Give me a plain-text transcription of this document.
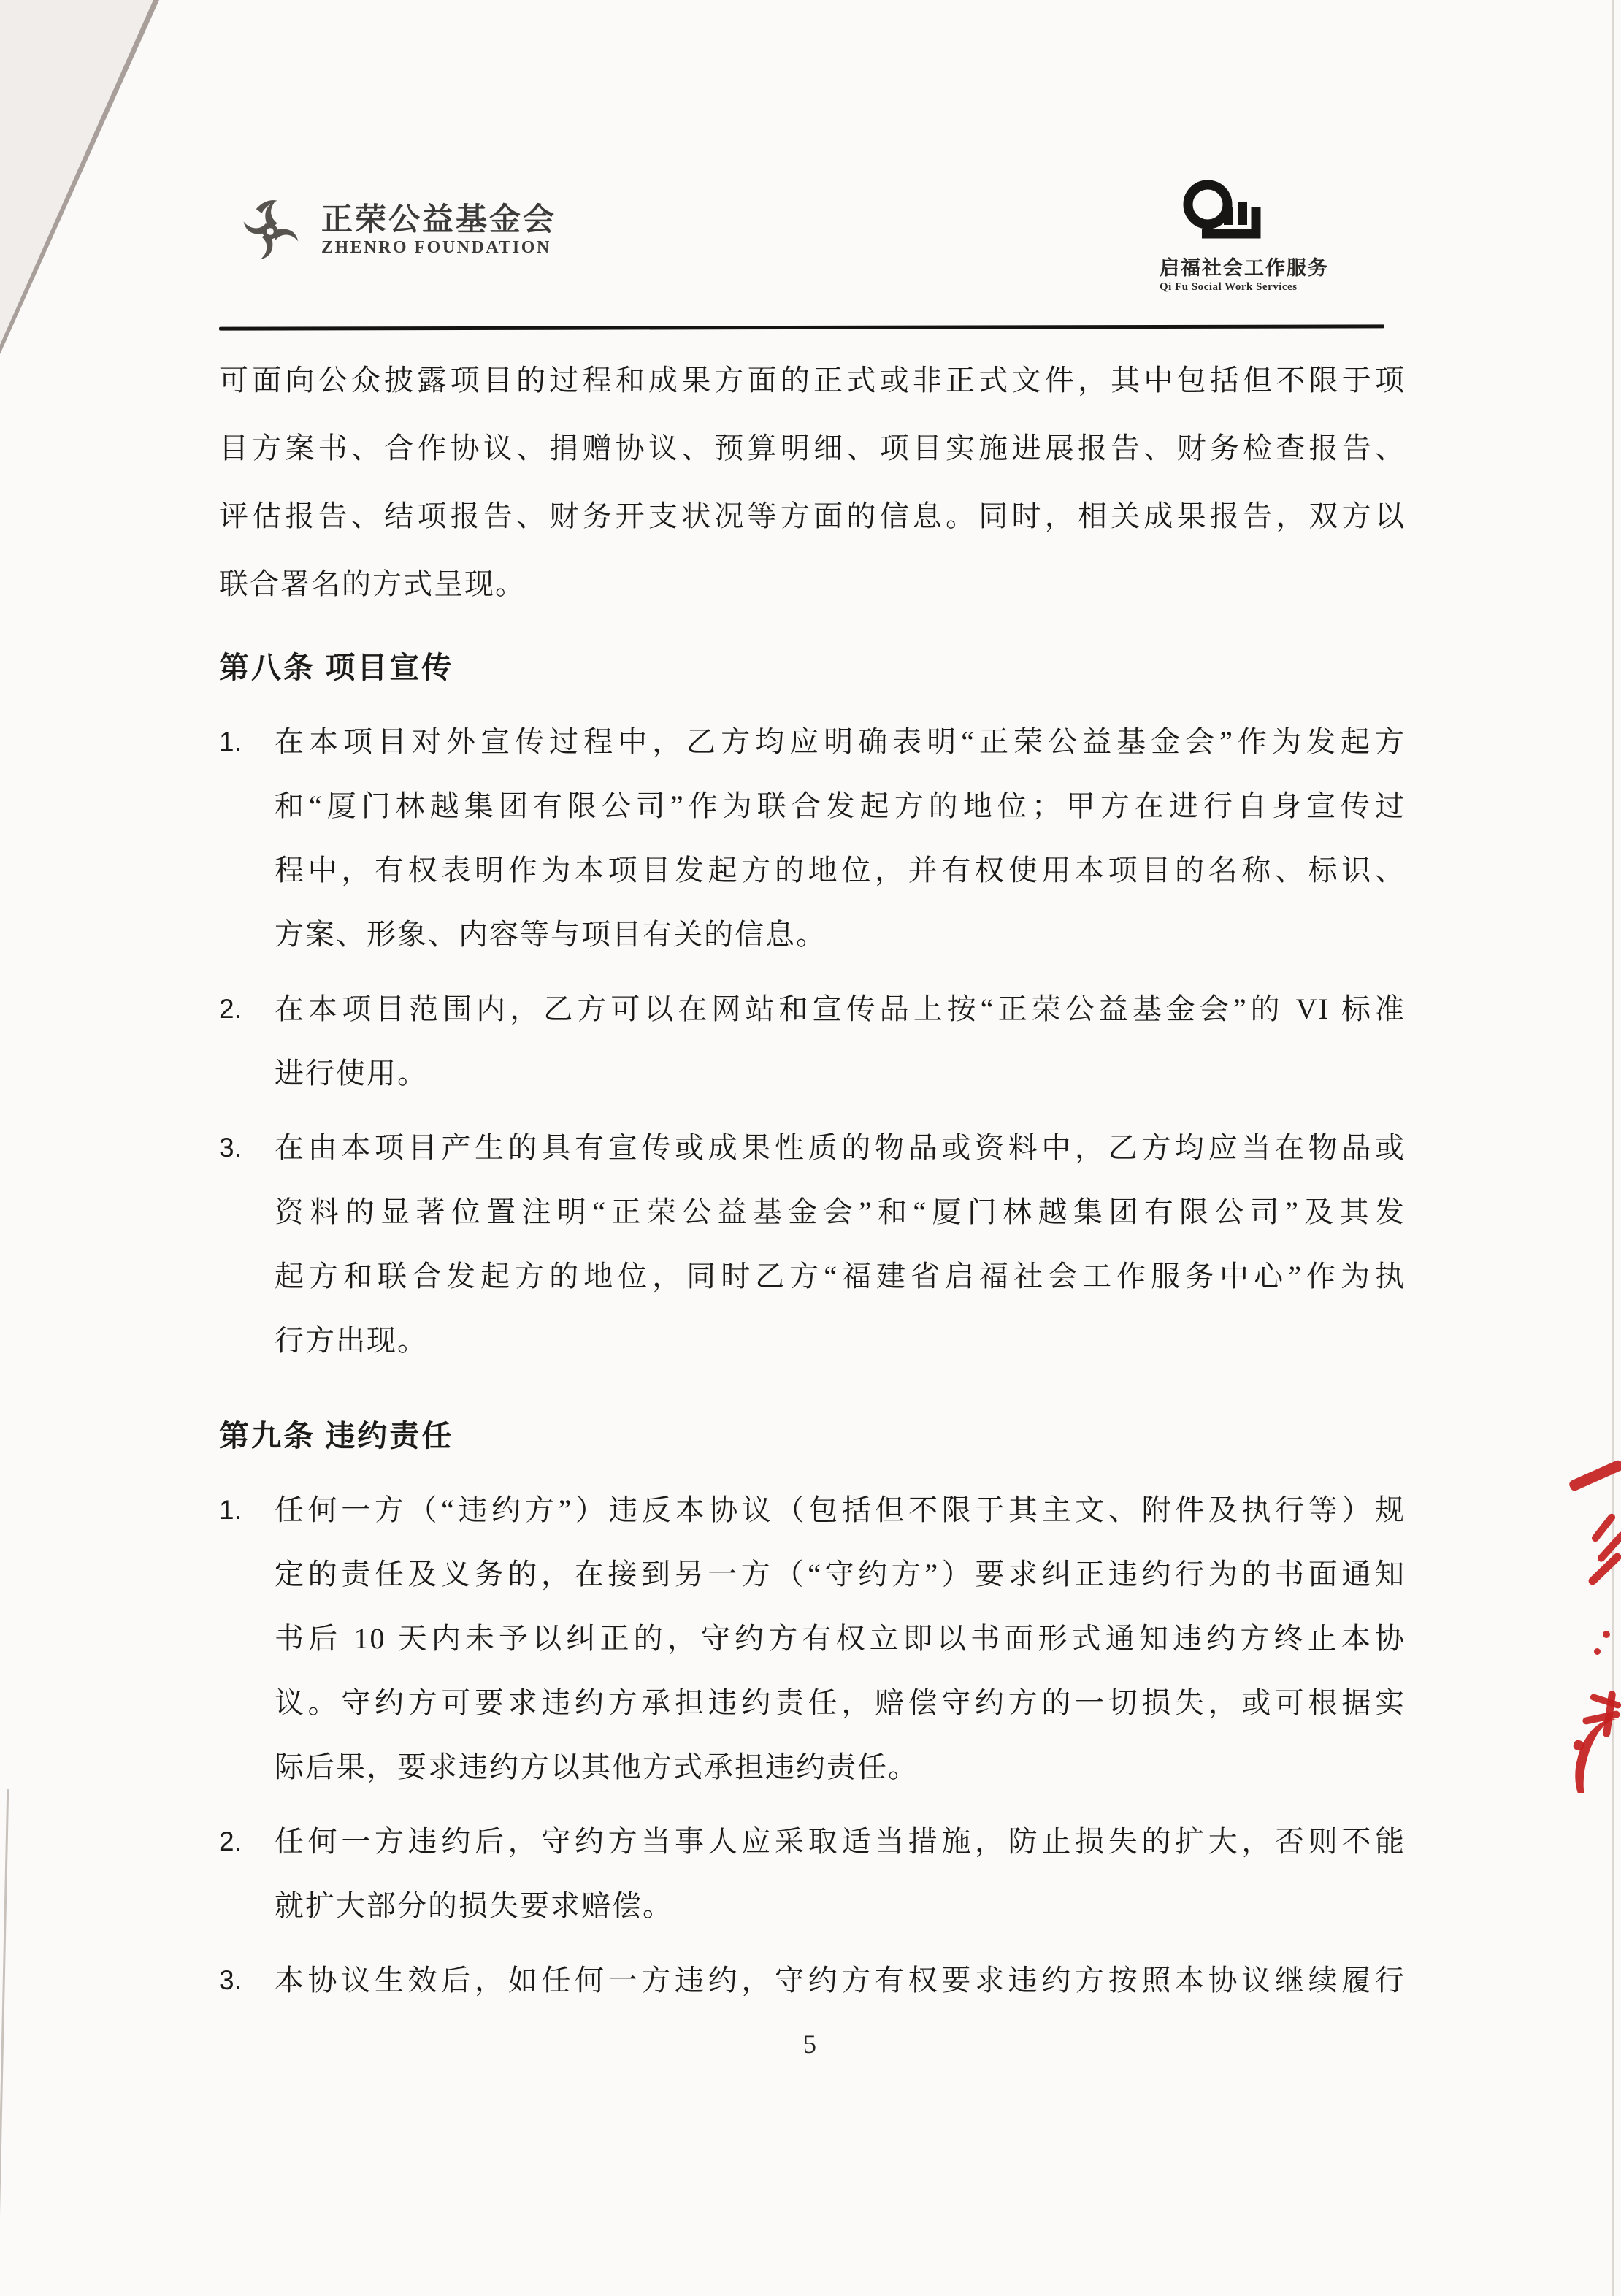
正荣公益基金会
ZHENRO FOUNDATION
启福社会工作服务
Qi Fu Social Work Services
可面向公众披露项目的过程和成果方面的正式或非正式文件，其中包括但不限于项
目方案书、合作协议、捐赠协议、预算明细、项目实施进展报告、财务检查报告、
评估报告、结项报告、财务开支状况等方面的信息。同时，相关成果报告，双方以
联合署名的方式呈现。
第八条 项目宣传
1.	在本项目对外宣传过程中，乙方均应明确表明“正荣公益基金会”作为发起方
和“厦门林越集团有限公司”作为联合发起方的地位；甲方在进行自身宣传过
程中，有权表明作为本项目发起方的地位，并有权使用本项目的名称、标识、
方案、形象、内容等与项目有关的信息。
2.	在本项目范围内，乙方可以在网站和宣传品上按“正荣公益基金会”的 VI 标准
进行使用。
3.	在由本项目产生的具有宣传或成果性质的物品或资料中，乙方均应当在物品或
资料的显著位置注明“正荣公益基金会”和“厦门林越集团有限公司”及其发
起方和联合发起方的地位，同时乙方“福建省启福社会工作服务中心”作为执
行方出现。
第九条 违约责任
1.	任何一方（“违约方”）违反本协议（包括但不限于其主文、附件及执行等）规
定的责任及义务的，在接到另一方（“守约方”）要求纠正违约行为的书面通知
书后 10 天内未予以纠正的，守约方有权立即以书面形式通知违约方终止本协
议。守约方可要求违约方承担违约责任，赔偿守约方的一切损失，或可根据实
际后果，要求违约方以其他方式承担违约责任。
2.	任何一方违约后，守约方当事人应采取适当措施，防止损失的扩大，否则不能
就扩大部分的损失要求赔偿。
3.	本协议生效后，如任何一方违约，守约方有权要求违约方按照本协议继续履行
5
